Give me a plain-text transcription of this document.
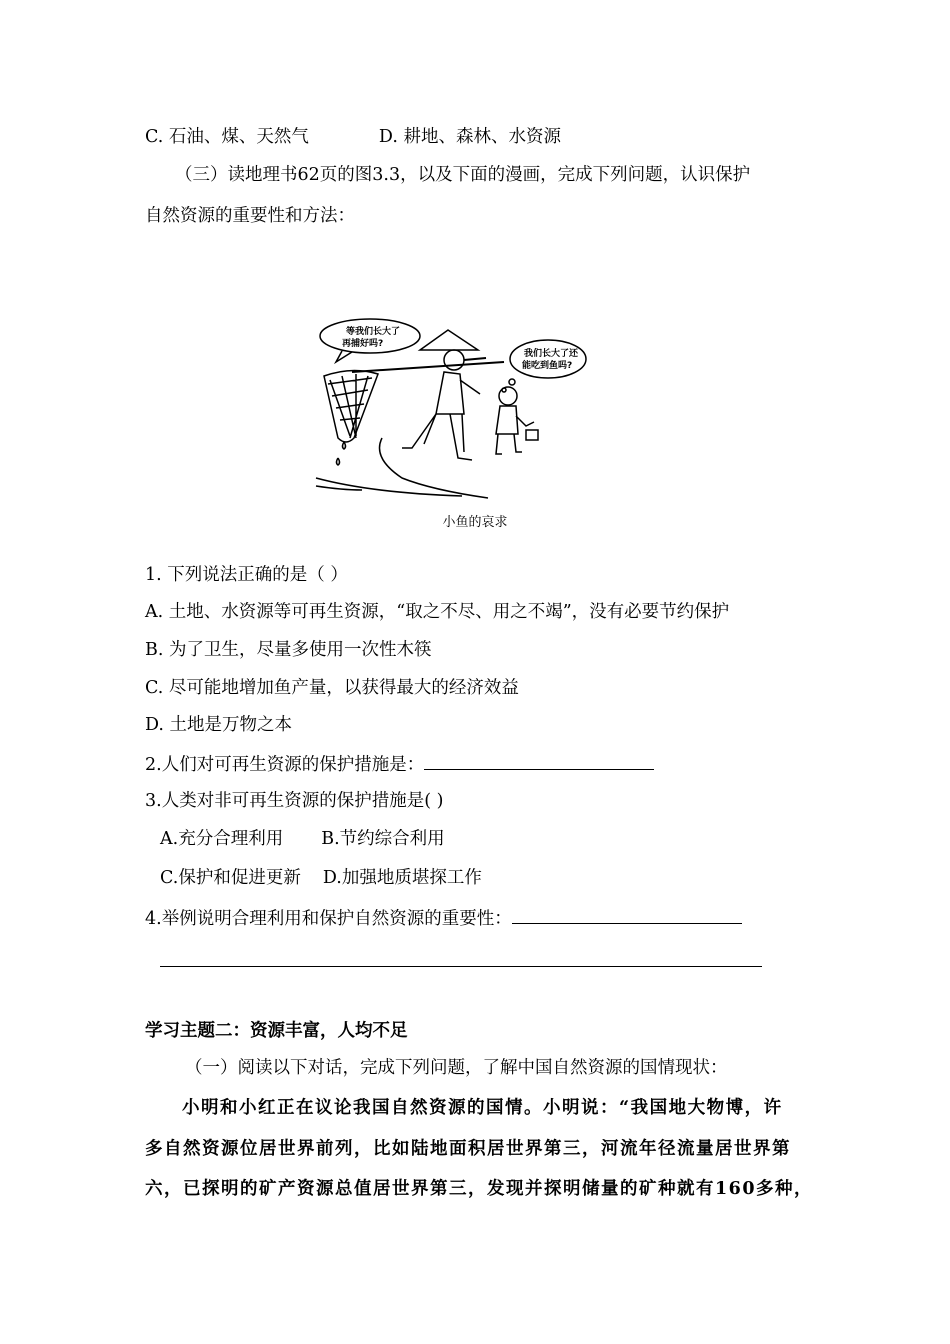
C. 石油、煤、天然气	D. 耕地、森林、水资源
（三）读地理书62页的图3.3，以及下面的漫画，完成下列问题，认识保护
自然资源的重要性和方法：
等我们长大了
再捕好吗?
我们长大了还
能吃到鱼吗?
小鱼的哀求
1. 下列说法正确的是（ ）
A. 土地、水资源等可再生资源，“取之不尽、用之不竭”，没有必要节约保护
B. 为了卫生，尽量多使用一次性木筷
C. 尽可能地增加鱼产量，以获得最大的经济效益
D. 土地是万物之本
2.人们对可再生资源的保护措施是：
3.人类对非可再生资源的保护措施是( )
A.充分合理利用 B.节约综合利用
C.保护和促进更新 D.加强地质堪探工作
4.举例说明合理利用和保护自然资源的重要性：
学习主题二：资源丰富，人均不足
（一）阅读以下对话，完成下列问题，了解中国自然资源的国情现状：
小明和小红正在议论我国自然资源的国情。小明说：“我国地大物博，许
多自然资源位居世界前列，比如陆地面积居世界第三，河流年径流量居世界第
六，已探明的矿产资源总值居世界第三，发现并探明储量的矿种就有160多种，
